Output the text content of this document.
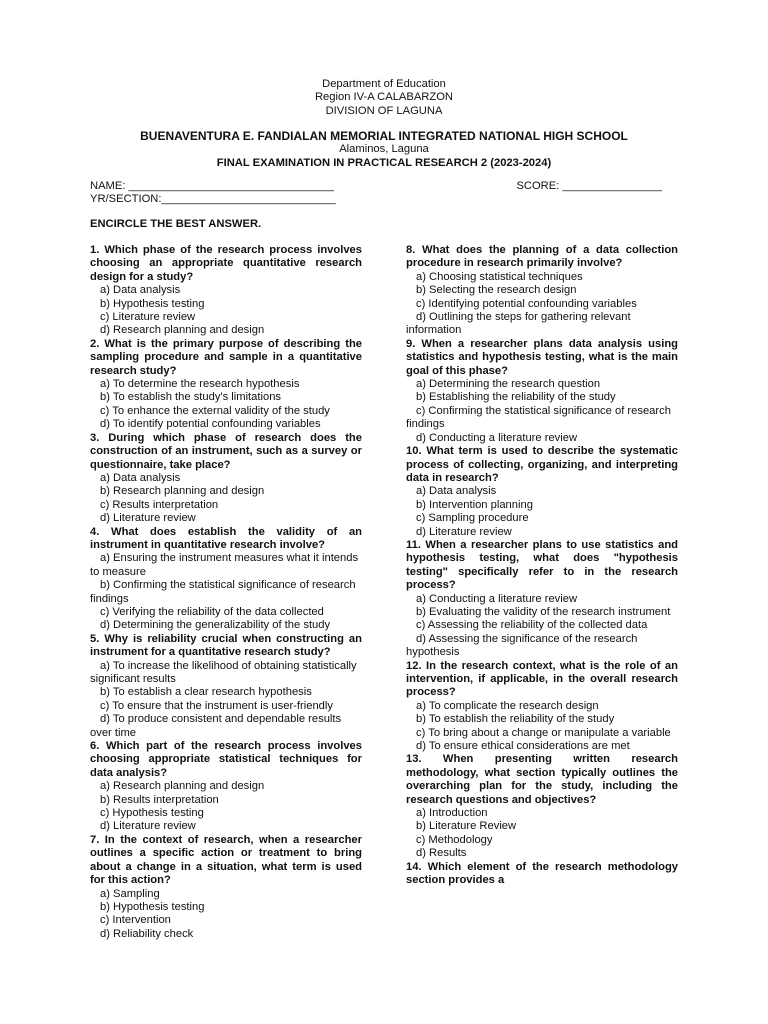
Department of Education
Region IV-A CALABARZON
DIVISION OF LAGUNA
BUENAVENTURA E. FANDIALAN MEMORIAL INTEGRATED NATIONAL HIGH SCHOOL
Alaminos, Laguna
FINAL EXAMINATION IN PRACTICAL RESEARCH 2 (2023-2024)
NAME: _________________________________
YR/SECTION:____________________________
SCORE: ________________
ENCIRCLE THE BEST ANSWER.
1. Which phase of the research process involves choosing an appropriate quantitative research design for a study?
a) Data analysis
b) Hypothesis testing
c) Literature review
d) Research planning and design
2. What is the primary purpose of describing the sampling procedure and sample in a quantitative research study?
a) To determine the research hypothesis
b) To establish the study's limitations
c) To enhance the external validity of the study
d) To identify potential confounding variables
3. During which phase of research does the construction of an instrument, such as a survey or questionnaire, take place?
a) Data analysis
b) Research planning and design
c) Results interpretation
d) Literature review
4. What does establish the validity of an instrument in quantitative research involve?
a) Ensuring the instrument measures what it intends to measure
b) Confirming the statistical significance of research findings
c) Verifying the reliability of the data collected
d) Determining the generalizability of the study
5. Why is reliability crucial when constructing an instrument for a quantitative research study?
a) To increase the likelihood of obtaining statistically significant results
b) To establish a clear research hypothesis
c) To ensure that the instrument is user-friendly
d) To produce consistent and dependable results over time
6. Which part of the research process involves choosing appropriate statistical techniques for data analysis?
a) Research planning and design
b) Results interpretation
c) Hypothesis testing
d) Literature review
7. In the context of research, when a researcher outlines a specific action or treatment to bring about a change in a situation, what term is used for this action?
a) Sampling
b) Hypothesis testing
c) Intervention
d) Reliability check
8. What does the planning of a data collection procedure in research primarily involve?
a) Choosing statistical techniques
b) Selecting the research design
c) Identifying potential confounding variables
d) Outlining the steps for gathering relevant information
9. When a researcher plans data analysis using statistics and hypothesis testing, what is the main goal of this phase?
a) Determining the research question
b) Establishing the reliability of the study
c) Confirming the statistical significance of research findings
d) Conducting a literature review
10. What term is used to describe the systematic process of collecting, organizing, and interpreting data in research?
a) Data analysis
b) Intervention planning
c) Sampling procedure
d) Literature review
11. When a researcher plans to use statistics and hypothesis testing, what does "hypothesis testing" specifically refer to in the research process?
a) Conducting a literature review
b) Evaluating the validity of the research instrument
c) Assessing the reliability of the collected data
d) Assessing the significance of the research hypothesis
12. In the research context, what is the role of an intervention, if applicable, in the overall research process?
a) To complicate the research design
b) To establish the reliability of the study
c) To bring about a change or manipulate a variable
d) To ensure ethical considerations are met
13. When presenting written research methodology, what section typically outlines the overarching plan for the study, including the research questions and objectives?
a) Introduction
b) Literature Review
c) Methodology
d) Results
14. Which element of the research methodology section provides a
